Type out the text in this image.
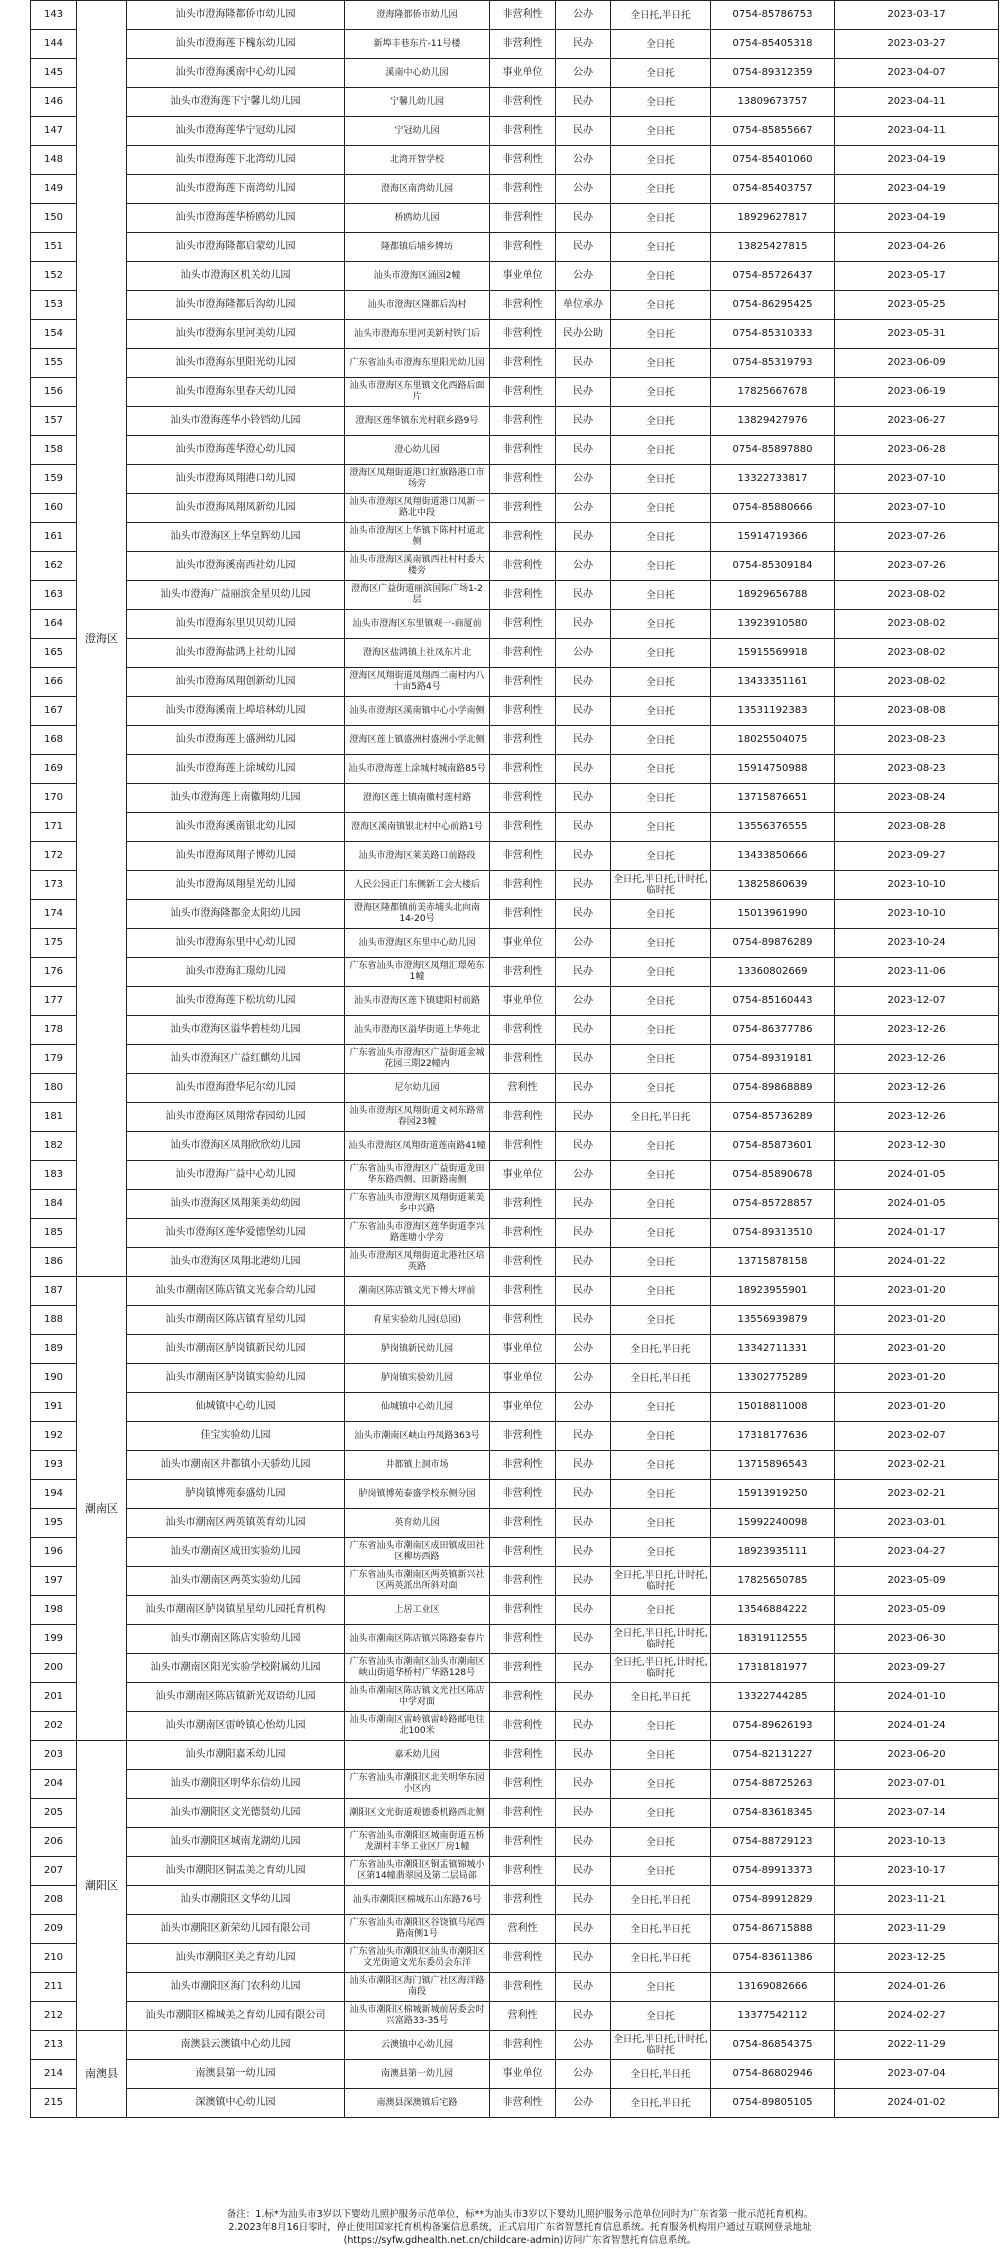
143	澄海区	汕头市澄海隆都侨市幼儿园	澄海隆都侨市幼儿园	非营利性	公办	全日托,半日托	0754-85786753	2023-03-17
144		汕头市澄海莲下槐东幼儿园	新埠丰巷东片-11号楼	非营利性	民办	全日托	0754-85405318	2023-03-27
145		汕头市澄海溪南中心幼儿园	溪南中心幼儿园	事业单位	公办	全日托	0754-89312359	2023-04-07
146		汕头市澄海莲下宁馨儿幼儿园	宁馨儿幼儿园	非营利性	民办	全日托	13809673757	2023-04-11
147		汕头市澄海莲华宁冠幼儿园	宁冠幼儿园	非营利性	民办	全日托	0754-85855667	2023-04-11
148		汕头市澄海莲下北湾幼儿园	北湾开智学校	非营利性	公办	全日托	0754-85401060	2023-04-19
149		汕头市澄海莲下南湾幼儿园	澄海区南湾幼儿园	非营利性	公办	全日托	0754-85403757	2023-04-19
150		汕头市澄海莲华桥鸥幼儿园	桥鸥幼儿园	非营利性	民办	全日托	18929627817	2023-04-19
151		汕头市澄海隆都启蒙幼儿园	隆都镇后埔乡牌坊	非营利性	民办	全日托	13825427815	2023-04-26
152		汕头市澄海区机关幼儿园	汕头市澄海区涌园2幢	事业单位	公办	全日托	0754-85726437	2023-05-17
153		汕头市澄海隆都后沟幼儿园	汕头市澄海区隆都后沟村	非营利性	单位承办	全日托	0754-86295425	2023-05-25
154		汕头市澄海东里河美幼儿园	汕头市澄海东里河美新村铁门后	非营利性	民办公助	全日托	0754-85310333	2023-05-31
155		汕头市澄海东里阳光幼儿园	广东省汕头市澄海东里阳光幼儿园	非营利性	民办	全日托	0754-85319793	2023-06-09
156		汕头市澄海东里春天幼儿园	汕头市澄海区东里镇文化西路后面片	非营利性	民办	全日托	17825667678	2023-06-19
157		汕头市澄海莲华小铃铛幼儿园	澄海区莲华镇东光村联乡路9号	非营利性	民办	全日托	13829427976	2023-06-27
158		汕头市澄海莲华澄心幼儿园	澄心幼儿园	非营利性	民办	全日托	0754-85897880	2023-06-28
159		汕头市澄海凤翔港口幼儿园	澄海区凤翔街道港口红旗路港口市场旁	非营利性	公办	全日托	13322733817	2023-07-10
160		汕头市澄海凤翔凤新幼儿园	汕头市澄海区凤翔街道港口凤新一路北中段	非营利性	公办	全日托	0754-85880666	2023-07-10
161		汕头市澄海区上华皇辉幼儿园	汕头市澄海区上华镇下陈村村道北侧	非营利性	民办	全日托	15914719366	2023-07-26
162		汕头市澄海溪南西社幼儿园	汕头市澄海区溪南镇西社村村委大楼旁	非营利性	公办	全日托	0754-85309184	2023-07-26
163		汕头市澄海广益丽滨金星贝幼儿园	澄海区广益街道丽滨国际广场1-2层	非营利性	民办	全日托	18929656788	2023-08-02
164		汕头市澄海东里贝贝幼儿园	汕头市澄海区东里镇观一-商厦前	非营利性	民办	全日托	13923910580	2023-08-02
165		汕头市澄海盐鸿上社幼儿园	澄海区盐鸿镇上社凤东片北	非营利性	公办	全日托	15915569918	2023-08-02
166		汕头市澄海凤翔创新幼儿园	澄海区凤翔街道凤翔西二南村内八十亩5路4号	非营利性	民办	全日托	13433351161	2023-08-02
167		汕头市澄海溪南上埠培林幼儿园	汕头市澄海区溪南镇中心小学南侧	非营利性	民办	全日托	13531192383	2023-08-08
168		汕头市澄海莲上盛洲幼儿园	澄海区莲上镇盛洲村盛洲小学北侧	非营利性	民办	全日托	18025504075	2023-08-23
169		汕头市澄海莲上涂城幼儿园	汕头市澄海莲上涂城村城南路85号	非营利性	民办	全日托	15914750988	2023-08-23
170		汕头市澄海莲上南徽翔幼儿园	澄海区莲上镇南徽村莲村路	非营利性	民办	全日托	13715876651	2023-08-24
171		汕头市澄海溪南银北幼儿园	澄海区溪南镇银北村中心前路1号	非营利性	民办	全日托	13556376555	2023-08-28
172		汕头市澄海凤翔子博幼儿园	汕头市澄海区莱美路口前路段	非营利性	民办	全日托	13433850666	2023-09-27
173		汕头市澄海凤翔星光幼儿园	人民公园正门东侧新工会大楼后	非营利性	民办	全日托,半日托,计时托,临时托	13825860639	2023-10-10
174		汕头市澄海隆都金太阳幼儿园	澄海区隆都镇前美赤埔头北向南14-20号	非营利性	民办	全日托	15013961990	2023-10-10
175		汕头市澄海东里中心幼儿园	汕头市澄海区东里中心幼儿园	事业单位	公办	全日托	0754-89876289	2023-10-24
176		汕头市澄海汇璟幼儿园	广东省汕头市澄海区凤翔汇璟苑东1幢	非营利性	民办	全日托	13360802669	2023-11-06
177		汕头市澄海莲下松坑幼儿园	汕头市澄海区莲下镇建阳村前路	事业单位	公办	全日托	0754-85160443	2023-12-07
178		汕头市澄海区溢华碧桂幼儿园	汕头市澄海区溢华街道上华苑北	非营利性	民办	全日托	0754-86377786	2023-12-26
179		汕头市澄海区广益红麒幼儿园	广东省汕头市澄海区广益街道金城花园三期22幢内	非营利性	民办	全日托	0754-89319181	2023-12-26
180		汕头市澄海澄华尼尔幼儿园	尼尔幼儿园	营利性	民办	全日托	0754-89868889	2023-12-26
181		汕头市澄海区凤翔常春园幼儿园	汕头市澄海区凤翔街道文祠东路常春园23幢	非营利性	民办	全日托,半日托	0754-85736289	2023-12-26
182		汕头市澄海区凤翔欣欣幼儿园	汕头市澄海区凤翔街道莲南路41幢	非营利性	民办	全日托	0754-85873601	2023-12-30
183		汕头市澄海广益中心幼儿园	广东省汕头市澄海区广益街道龙田华东路西侧、田新路南侧	事业单位	公办	全日托	0754-85890678	2024-01-05
184		汕头市澄海区凤翔莱美幼幼园	广东省汕头市澄海区凤翔街道莱美乡中兴路	非营利性	民办	全日托	0754-85728857	2024-01-05
185		汕头市澄海区莲华爱德堡幼儿园	广东省汕头市澄海区莲华街道李兴路莲塘小学旁	非营利性	民办	全日托	0754-89313510	2024-01-17
186		汕头市澄海区凤翔北港幼儿园	汕头市澄海区凤翔街道北港社区培英路	非营利性	民办	全日托	13715878158	2024-01-22
187	潮南区	汕头市潮南区陈店镇文光泰合幼儿园	潮南区陈店镇文光下傅大坪前	非营利性	民办	全日托	18923955901	2023-01-20
188		汕头市潮南区陈店镇育星幼儿园	育星实验幼儿园(总园)	非营利性	民办	全日托	13556939879	2023-01-20
189		汕头市潮南区胪岗镇新民幼儿园	胪岗镇新民幼儿园	事业单位	公办	全日托,半日托	13342711331	2023-01-20
190		汕头市潮南区胪岗镇实验幼儿园	胪岗镇实验幼儿园	事业单位	公办	全日托,半日托	13302775289	2023-01-20
191		仙城镇中心幼儿园	仙城镇中心幼儿园	事业单位	公办	全日托	15018811008	2023-01-20
192		佳宝实验幼儿园	汕头市潮南区峡山丹凤路363号	非营利性	民办	全日托	17318177636	2023-02-07
193		汕头市潮南区井都镇小天骄幼儿园	井都镇上洞市场	非营利性	民办	全日托	13715896543	2023-02-21
194		胪岗镇博苑泰盛幼儿园	胪岗镇博苑泰盛学校东侧分园	非营利性	民办	全日托	15913919250	2023-02-21
195		汕头市潮南区两英镇英育幼儿园	英育幼儿园	非营利性	民办	全日托	15992240098	2023-03-01
196		汕头市潮南区成田实验幼儿园	广东省汕头市潮南区成田镇成田社区柳坊西路	非营利性	民办	全日托	18923935111	2023-04-27
197		汕头市潮南区两英实验幼儿园	广东省汕头市潮南区两英镇新兴社区两英派出所斜对面	非营利性	民办	全日托,半日托,计时托,临时托	17825650785	2023-05-09
198		汕头市潮南区胪岗镇星星幼儿园托育机构	上居工业区	非营利性	民办	全日托	13546884222	2023-05-09
199		汕头市潮南区陈店实验幼儿园	汕头市潮南区陈店镇兴陈路泰春片	非营利性	民办	全日托,半日托,计时托,临时托	18319112555	2023-06-30
200		汕头市潮南区阳光实验学校附属幼儿园	广东省汕头市潮南区汕头市潮南区峡山街道华桥村广华路128号	非营利性	民办	全日托,半日托,计时托,临时托	17318181977	2023-09-27
201		汕头市潮南区陈店镇新光双语幼儿园	汕头市潮南区陈店镇文光社区陈店中学对面	非营利性	民办	全日托,半日托	13322744285	2024-01-10
202		汕头市潮南区雷岭镇心怡幼儿园	汕头市潮南区雷岭镇雷岭路邮电往北100米	非营利性	民办	全日托	0754-89626193	2024-01-24
203	潮阳区	汕头市潮阳嘉禾幼儿园	嘉禾幼儿园	非营利性	民办	全日托	0754-82131227	2023-06-20
204		汕头市潮阳区明华东信幼儿园	广东省汕头市潮阳区北关明华东园小区内	非营利性	民办	全日托	0754-88725263	2023-07-01
205		汕头市潮阳区文光德贤幼儿园	潮阳区文光街道观德委机路西北侧	非营利性	民办	全日托	0754-83618345	2023-07-14
206		汕头市潮阳区城南龙湖幼儿园	广东省汕头市潮阳区城南街道五桥龙湖村丰华工业区厂房1幢	非营利性	民办	全日托	0754-88729123	2023-10-13
207		汕头市潮阳区铜盂美之育幼儿园	广东省汕头市潮阳区铜盂镇锦城小区第14幢翡翠园及第二层局部	非营利性	民办	全日托	0754-89913373	2023-10-17
208		汕头市潮阳区文华幼儿园	汕头市潮阳区棉城东山东路76号	非营利性	民办	全日托,半日托	0754-89912829	2023-11-21
209		汕头市潮阳区新荣幼儿园有限公司	广东省汕头市潮阳区谷饶镇马尾西路南侧1号	营利性	民办	全日托,半日托	0754-86715888	2023-11-29
210		汕头市潮阳区美之育幼儿园	广东省汕头市潮阳区汕头市潮阳区文光街道文光东委员会东洋	非营利性	民办	全日托,半日托	0754-83611386	2023-12-25
211		汕头市潮阳区海门农科幼儿园	汕头市潮阳区海门镇广社区海洋路南段	非营利性	民办	全日托	13169082666	2024-01-26
212		汕头市潮阳区棉城美之育幼儿园有限公司	汕头市潮阳区棉城新城前居委会时兴富路33-35号	营利性	民办	全日托	13377542112	2024-02-27
213	南澳县	南澳县云澳镇中心幼儿园	云澳镇中心幼儿园	非营利性	公办	全日托,半日托,计时托,临时托	0754-86854375	2022-11-29
214		南澳县第一幼儿园	南澳县第一幼儿园	事业单位	公办	全日托,半日托	0754-86802946	2023-07-04
215		深澳镇中心幼儿园	南澳县深澳镇后宅路	非营利性	公办	全日托,半日托	0754-89805105	2024-01-02
备注：1.标*为汕头市3岁以下婴幼儿照护服务示范单位，标**为汕头市3岁以下婴幼儿照护服务示范单位同时为广东省第一批示范托育机构。
2.2023年8月16日零时，停止使用国家托育机构备案信息系统，正式启用广东省智慧托育信息系统。托育服务机构用户通过互联网登录地址
(https://syfw.gdhealth.net.cn/childcare-admin)访问广东省智慧托育信息系统。
